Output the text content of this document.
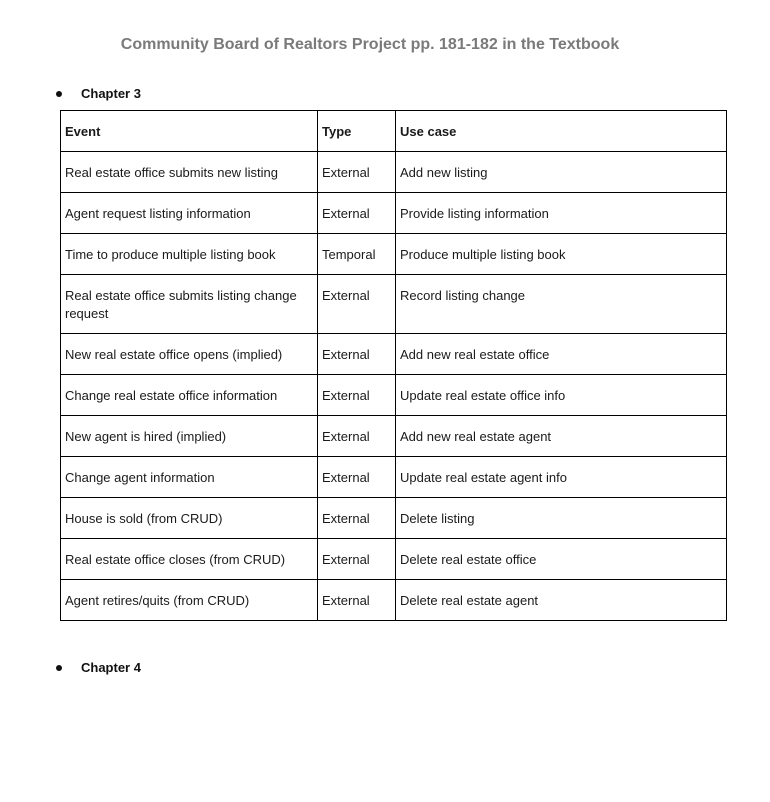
Community Board of Realtors Project pp. 181-182 in the Textbook
Chapter 3
Event	Type	Use case
Real estate office submits new listing	External	Add new listing
Agent request listing information	External	Provide listing information
Time to produce multiple listing book	Temporal	Produce multiple listing book
Real estate office submits listing change request	External	Record listing change
New real estate office opens (implied)	External	Add new real estate office
Change real estate office information	External	Update real estate office info
New agent is hired (implied)	External	Add new real estate agent
Change agent information	External	Update real estate agent info
House is sold (from CRUD)	External	Delete listing
Real estate office closes (from CRUD)	External	Delete real estate office
Agent retires/quits (from CRUD)	External	Delete real estate agent
Chapter 4
